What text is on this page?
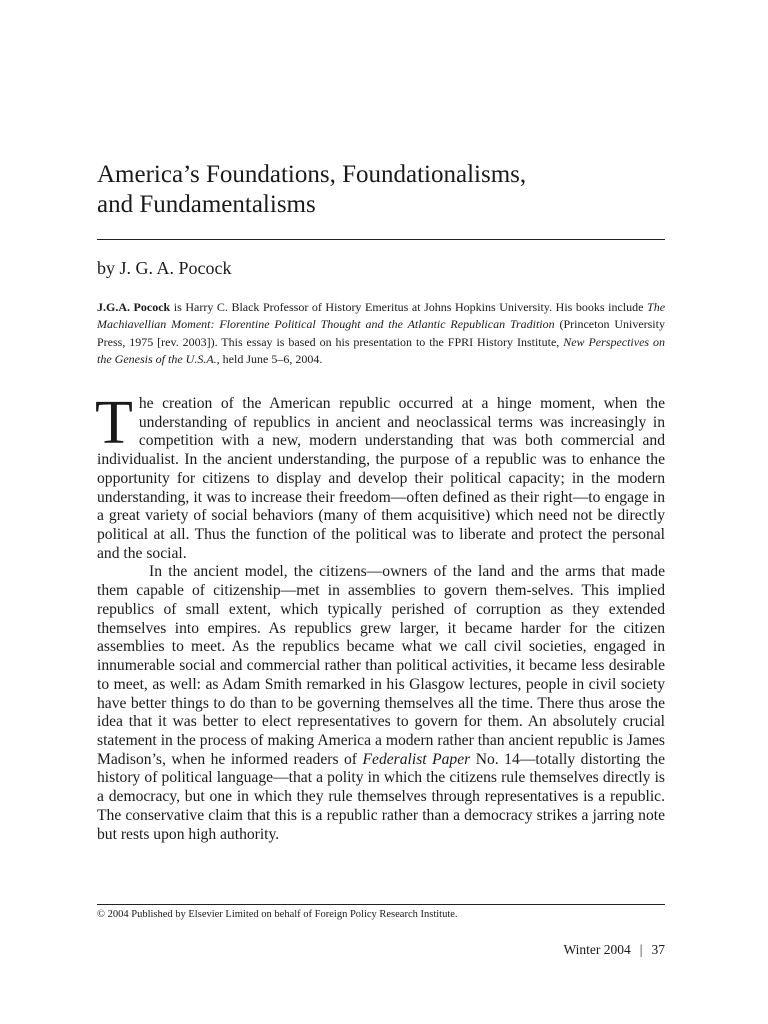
America’s Foundations, Foundationalisms,
and Fundamentalisms
by J. G. A. Pocock
J.G.A. Pocock is Harry C. Black Professor of History Emeritus at Johns Hopkins University. His books include The Machiavellian Moment: Florentine Political Thought and the Atlantic Republican Tradition (Princeton University Press, 1975 [rev. 2003]). This essay is based on his presentation to the FPRI History Institute, New Perspectives on the Genesis of the U.S.A., held June 5–6, 2004.

The creation of the American republic occurred at a hinge moment, when the understanding of republics in ancient and neoclassical terms was increasingly in competition with a new, modern understanding that was both commercial and individualist. In the ancient understanding, the purpose of a republic was to enhance the opportunity for citizens to display and develop their political capacity; in the modern understanding, it was to increase their freedom—often defined as their right—to engage in a great variety of social behaviors (many of them acquisitive) which need not be directly political at all. Thus the function of the political was to liberate and protect the personal and the social.

In the ancient model, the citizens—owners of the land and the arms that made them capable of citizenship—met in assemblies to govern them-selves. This implied republics of small extent, which typically perished of corruption as they extended themselves into empires. As republics grew larger, it became harder for the citizen assemblies to meet. As the republics became what we call civil societies, engaged in innumerable social and commercial rather than political activities, it became less desirable to meet, as well: as Adam Smith remarked in his Glasgow lectures, people in civil society have better things to do than to be governing themselves all the time. There thus arose the idea that it was better to elect representatives to govern for them. An absolutely crucial statement in the process of making America a modern rather than ancient republic is James Madison’s, when he informed readers of Federalist Paper No. 14—totally distorting the history of political language—that a polity in which the citizens rule themselves directly is a democracy, but one in which they rule themselves through representatives is a republic. The conservative claim that this is a republic rather than a democracy strikes a jarring note but rests upon high authority.

© 2004 Published by Elsevier Limited on behalf of Foreign Policy Research Institute.
Winter 2004 | 37
